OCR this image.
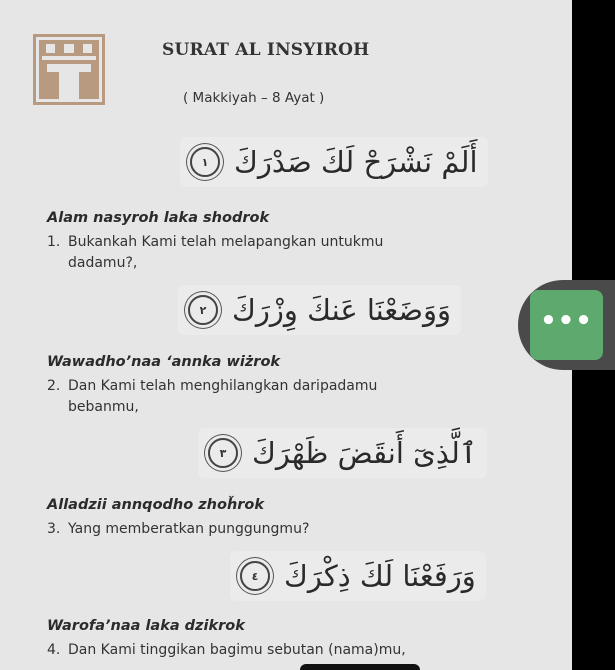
SURAT AL INSYIROH
( Makkiyah – 8 Ayat )
أَلَمْ نَشْرَحْ لَكَ صَدْرَكَ
١
Alam nasyroh laka shodrok
1. Bukankah Kami telah melapangkan untukmu
dadamu?,
وَوَضَعْنَا عَنكَ وِزْرَكَ
٢
Wawadho’naa ‘annka wiżrok
2. Dan Kami telah menghilangkan daripadamu
bebanmu,
ٱلَّذِىٓ أَنقَضَ ظَهْرَكَ
٣
Alladzii annqodho zhoȟrok
3. Yang memberatkan punggungmu?
وَرَفَعْنَا لَكَ ذِكْرَكَ
٤
Warofa’naa laka dzikrok
4. Dan Kami tinggikan bagimu sebutan (nama)mu,
•••
